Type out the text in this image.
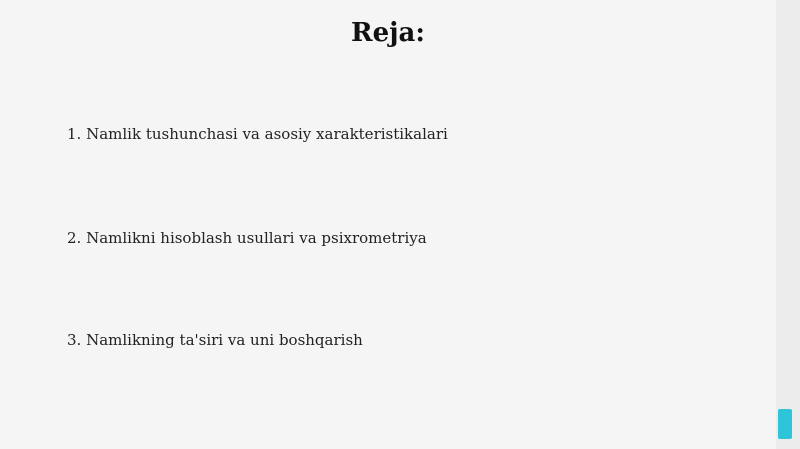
Reja:

1. Namlik tushunchasi va asosiy xarakteristikalari

2. Namlikni hisoblash usullari va psixrometriya

3. Namlikning ta'siri va uni boshqarish
